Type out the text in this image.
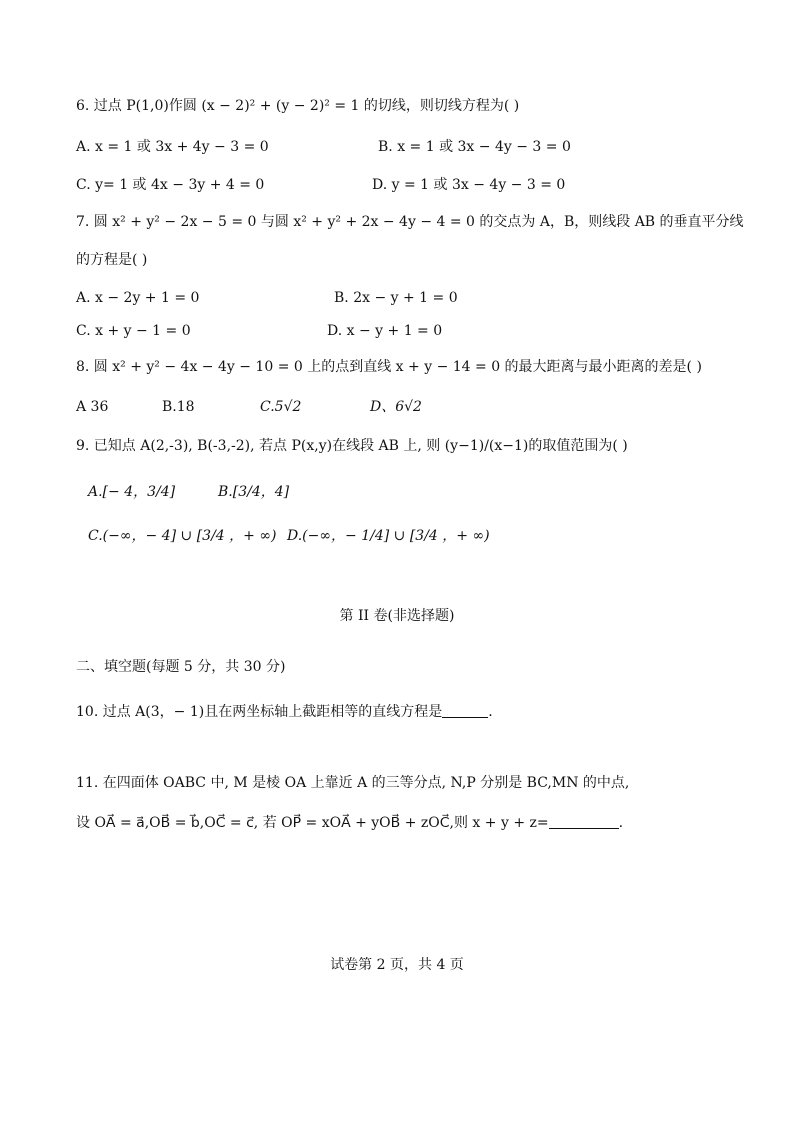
6. 过点 P(1,0)作圆 (x − 2)² + (y − 2)² = 1 的切线，则切线方程为( )
A. x = 1 或 3x + 4y − 3 = 0	B. x = 1 或 3x − 4y − 3 = 0
C. y= 1 或 4x − 3y + 4 = 0	D. y = 1 或 3x − 4y − 3 = 0
7. 圆 x² + y² − 2x − 5 = 0 与圆 x² + y² + 2x − 4y − 4 = 0 的交点为 A，B，则线段 AB 的垂直平分线
的方程是( )
A. x − 2y + 1 = 0	B. 2x − y + 1 = 0
C. x + y − 1 = 0	D. x − y + 1 = 0
8. 圆 x² + y² − 4x − 4y − 10 = 0 上的点到直线 x + y − 14 = 0 的最大距离与最小距离的差是( )
A 36	B.18	C.5√2	D、6√2
9. 已知点 A(2,-3), B(-3,-2), 若点 P(x,y)在线段 AB 上, 则 (y−1)/(x−1)的取值范围为( )
A.[− 4，3/4]	B.[3/4，4]
C.(−∞，− 4] ∪ [3/4 ，+ ∞) D.(−∞，− 1/4] ∪ [3/4 ，+ ∞)
第 II 卷(非选择题)
二、填空题(每题 5 分，共 30 分)
10. 过点 A(3，− 1)且在两坐标轴上截距相等的直线方程是	.
11. 在四面体 OABC 中, M 是棱 OA 上靠近 A 的三等分点, N,P 分别是 BC,MN 的中点,
设 OA⃗ = a⃗,OB⃗ = b⃗,OC⃗ = c⃗, 若 OP⃗ = xOA⃗ + yOB⃗ + zOC⃗,则 x + y + z=	.
试卷第 2 页，共 4 页
